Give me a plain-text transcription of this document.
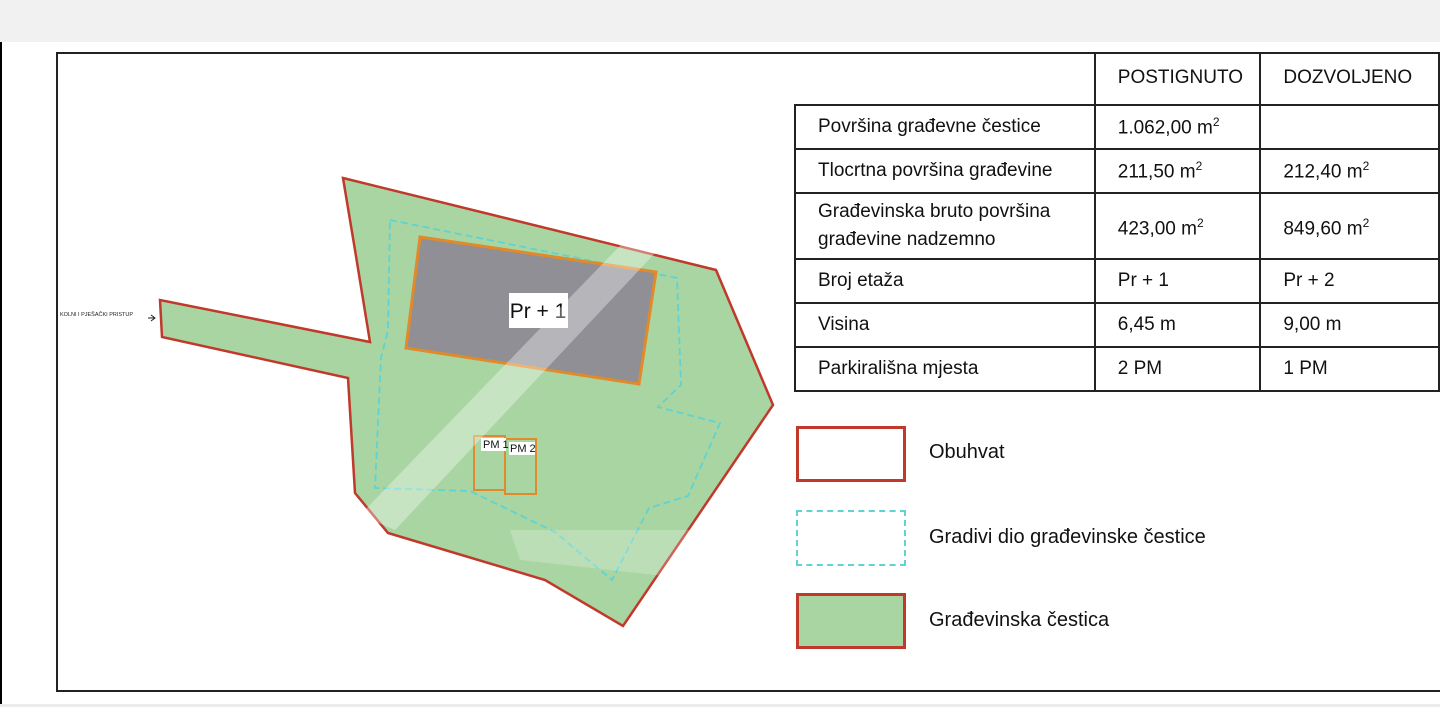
Pr + 1
PM 1 PM 2
KOLNI I PJEŠAČKI PRISTUP
	POSTIGNUTO	DOZVOLJENO
Površina građevne čestice	1.062,00 $m^2$	
Tlocrtna površina građevine	211,50 $m^2$	212,40 $m^2$
Građevinska bruto površina
građevine nadzemno	423,00 $m^2$	849,60 $m^2$
Broj etaža	Pr + 1	Pr + 2
Visina	6,45 m	9,00 m
Parkirališna mjesta	2 PM	1 PM
Obuhvat
Gradivi dio građevinske čestice
Građevinska čestica
